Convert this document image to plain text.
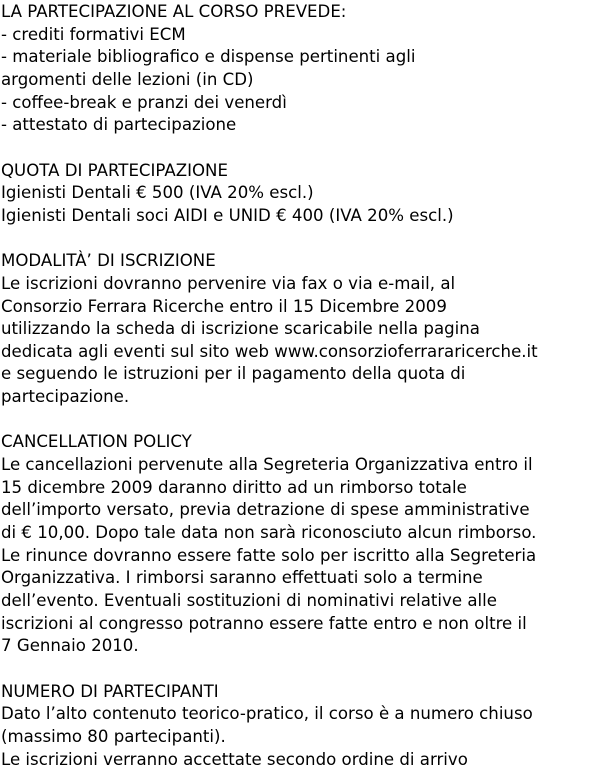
LA PARTECIPAZIONE AL CORSO PREVEDE:
- crediti formativi ECM
- materiale bibliografico e dispense pertinenti agli
argomenti delle lezioni (in CD)
- coffee-break e pranzi dei venerdì
- attestato di partecipazione
QUOTA DI PARTECIPAZIONE
Igienisti Dentali € 500 (IVA 20% escl.)
Igienisti Dentali soci AIDI e UNID € 400 (IVA 20% escl.)
MODALITÀ’ DI ISCRIZIONE
Le iscrizioni dovranno pervenire via fax o via e-mail, al
Consorzio Ferrara Ricerche entro il 15 Dicembre 2009
utilizzando la scheda di iscrizione scaricabile nella pagina
dedicata agli eventi sul sito web www.consorzioferrararicerche.it
e seguendo le istruzioni per il pagamento della quota di
partecipazione.
CANCELLATION POLICY
Le cancellazioni pervenute alla Segreteria Organizzativa entro il
15 dicembre 2009 daranno diritto ad un rimborso totale
dell’importo versato, previa detrazione di spese amministrative
di € 10,00. Dopo tale data non sarà riconosciuto alcun rimborso.
Le rinunce dovranno essere fatte solo per iscritto alla Segreteria
Organizzativa. I rimborsi saranno effettuati solo a termine
dell’evento. Eventuali sostituzioni di nominativi relative alle
iscrizioni al congresso potranno essere fatte entro e non oltre il
7 Gennaio 2010.
NUMERO DI PARTECIPANTI
Dato l’alto contenuto teorico-pratico, il corso è a numero chiuso
(massimo 80 partecipanti).
Le iscrizioni verranno accettate secondo ordine di arrivo
